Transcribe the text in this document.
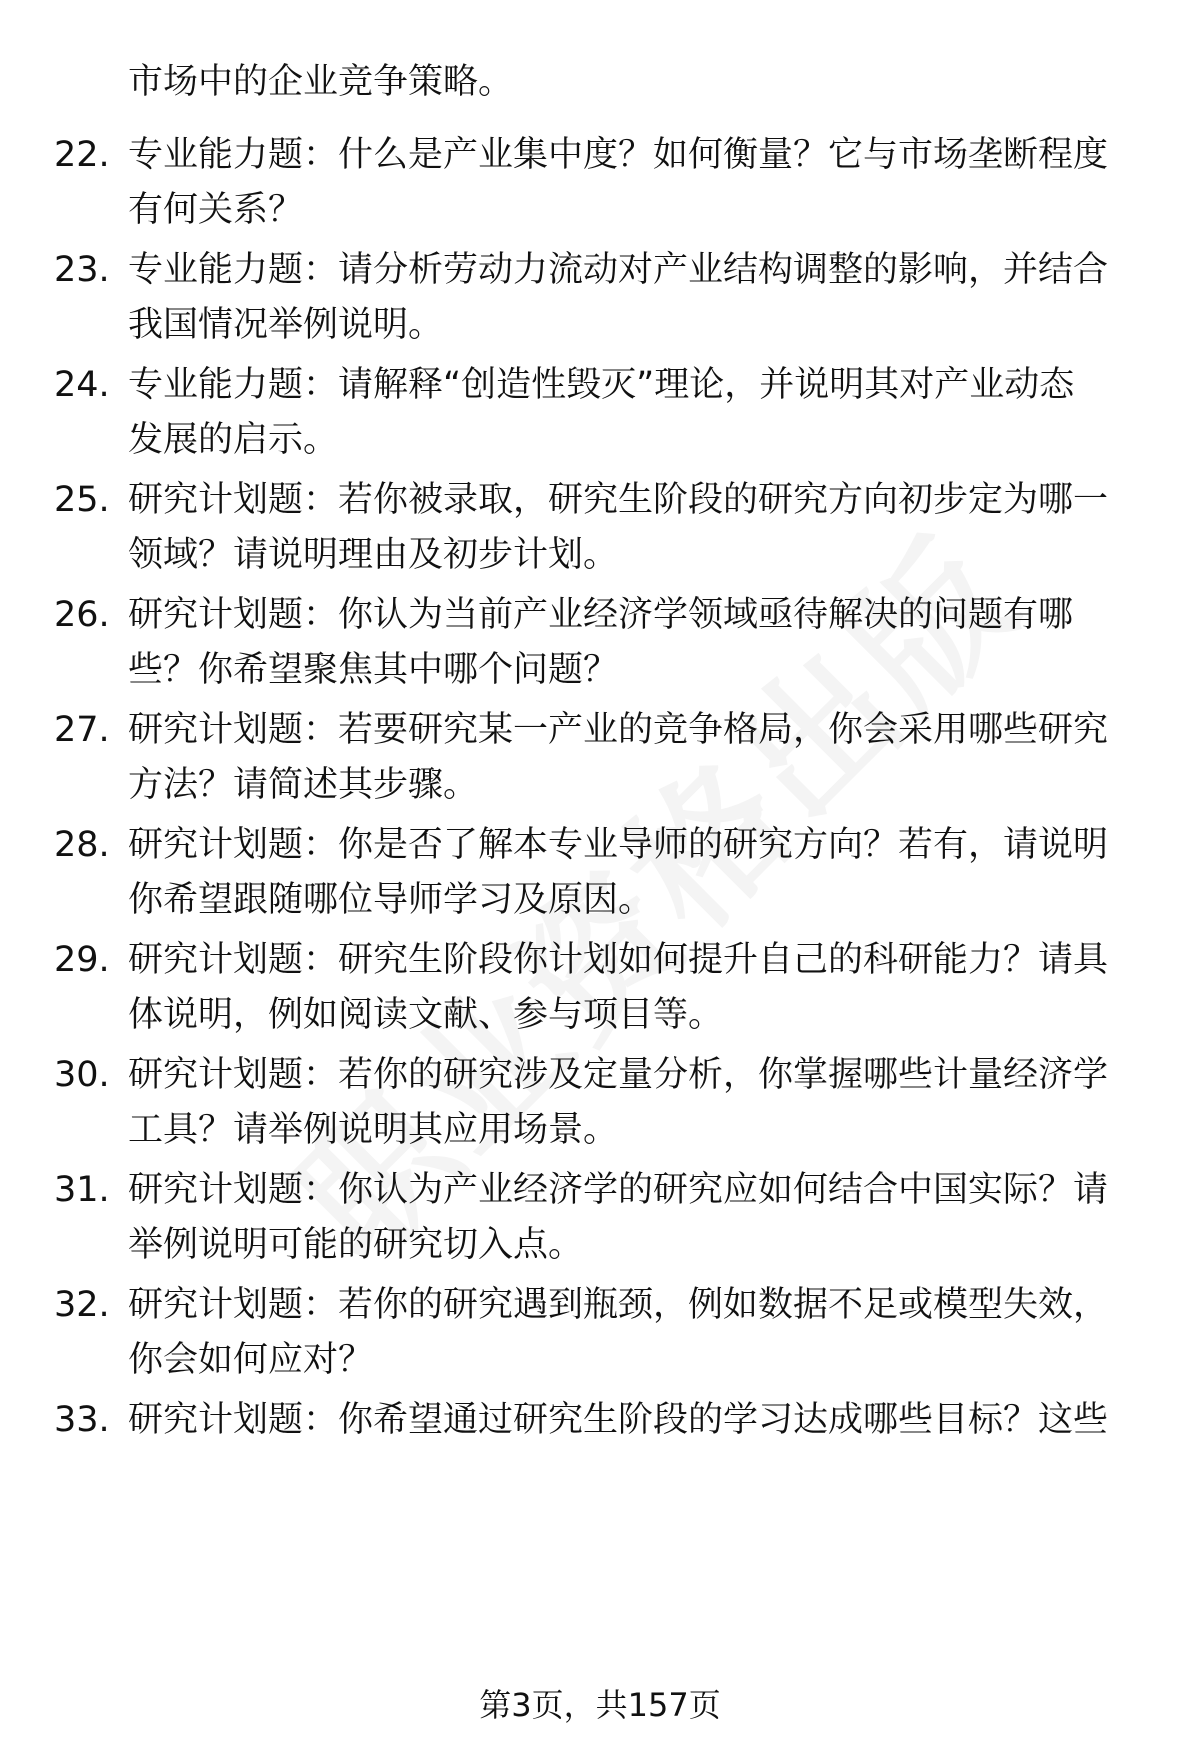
市场中的企业竞争策略。

22. 专业能力题：什么是产业集中度？如何衡量？它与市场垄断程度
有何关系？
23. 专业能力题：请分析劳动力流动对产业结构调整的影响，并结合
我国情况举例说明。
24. 专业能力题：请解释“创造性毁灭”理论，并说明其对产业动态
发展的启示。
25. 研究计划题：若你被录取，研究生阶段的研究方向初步定为哪一
领域？请说明理由及初步计划。
26. 研究计划题：你认为当前产业经济学领域亟待解决的问题有哪
些？你希望聚焦其中哪个问题？
27. 研究计划题：若要研究某一产业的竞争格局，你会采用哪些研究
方法？请简述其步骤。
28. 研究计划题：你是否了解本专业导师的研究方向？若有，请说明
你希望跟随哪位导师学习及原因。
29. 研究计划题：研究生阶段你计划如何提升自己的科研能力？请具
体说明，例如阅读文献、参与项目等。
30. 研究计划题：若你的研究涉及定量分析，你掌握哪些计量经济学
工具？请举例说明其应用场景。
31. 研究计划题：你认为产业经济学的研究应如何结合中国实际？请
举例说明可能的研究切入点。
32. 研究计划题：若你的研究遇到瓶颈，例如数据不足或模型失效，
你会如何应对？
33. 研究计划题：你希望通过研究生阶段的学习达成哪些目标？这些
第3页，共157页
